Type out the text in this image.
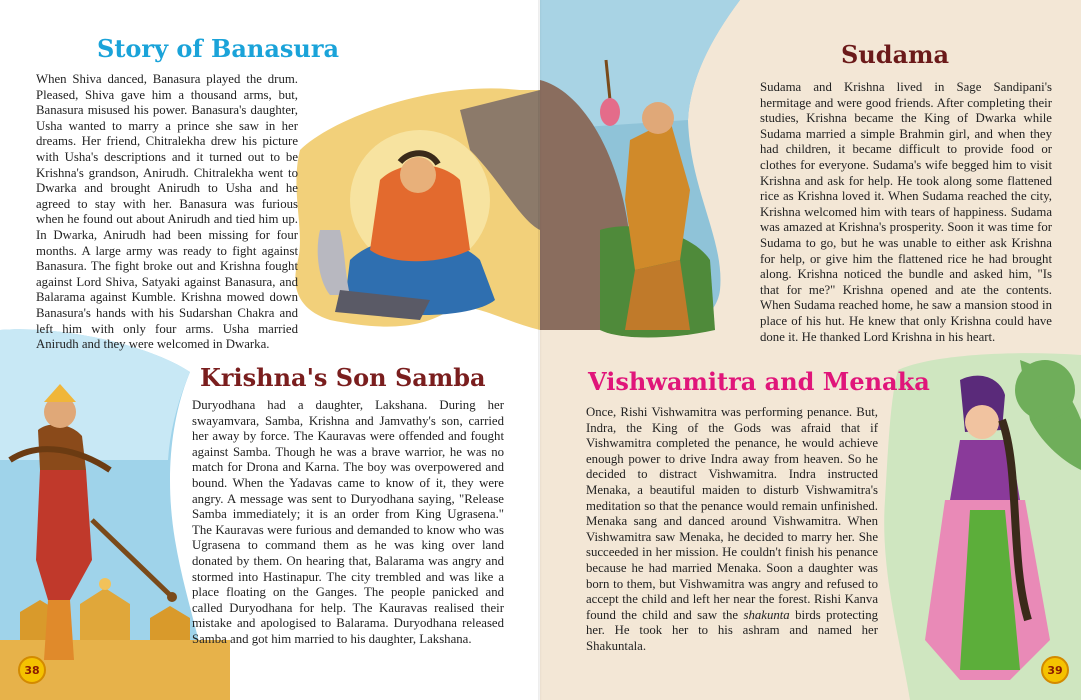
Story of Banasura
When Shiva danced, Banasura played the drum. Pleased, Shiva gave him a thousand arms, but, Banasura misused his power. Banasura's daughter, Usha wanted to marry a prince she saw in her dreams. Her friend, Chitralekha drew his picture with Usha's descriptions and it turned out to be Krishna's grandson, Anirudh. Chitralekha went to Dwarka and brought Anirudh to Usha and he agreed to stay with her. Banasura was furious when he found out about Anirudh and tied him up. In Dwarka, Anirudh had been missing for four months. A large army was ready to fight against Banasura. The fight broke out and Krishna fought against Lord Shiva, Satyaki against Banasura, and Balarama against Kumble. Krishna mowed down Banasura's hands with his Sudarshan Chakra and left him with only four arms. Usha married Anirudh and they were welcomed in Dwarka.
Krishna's Son Samba
Duryodhana had a daughter, Lakshana. During her swayamvara, Samba, Krishna and Jamvathy's son, carried her away by force. The Kauravas were offended and fought against Samba. Though he was a brave warrior, he was no match for Drona and Karna. The boy was overpowered and bound. When the Yadavas came to know of it, they were angry. A message was sent to Duryodhana saying, "Release Samba immediately; it is an order from King Ugrasena." The Kauravas were furious and demanded to know who was Ugrasena to command them as he was king over land donated by them. On hearing that, Balarama was angry and stormed into Hastinapur. The city trembled and was like a place floating on the Ganges. The people panicked and called Duryodhana for help. The Kauravas realised their mistake and apologised to Balarama. Duryodhana released Samba and got him married to his daughter, Lakshana.
38
Sudama
Sudama and Krishna lived in Sage Sandipani's hermitage and were good friends. After completing their studies, Krishna became the King of Dwarka while Sudama married a simple Brahmin girl, and when they had children, it became difficult to provide food or clothes for everyone. Sudama's wife begged him to visit Krishna and ask for help. He took along some flattened rice as Krishna loved it. When Sudama reached the city, Krishna welcomed him with tears of happiness. Sudama was amazed at Krishna's prosperity. Soon it was time for Sudama to go, but he was unable to either ask Krishna for help, or give him the flattened rice he had brought along. Krishna noticed the bundle and asked him, "Is that for me?" Krishna opened and ate the contents. When Sudama reached home, he saw a mansion stood in place of his hut. He knew that only Krishna could have done it. He thanked Lord Krishna in his heart.
Vishwamitra and Menaka
Once, Rishi Vishwamitra was performing penance. But, Indra, the King of the Gods was afraid that if Vishwamitra completed the penance, he would achieve enough power to drive Indra away from heaven. So he decided to distract Vishwamitra. Indra instructed Menaka, a beautiful maiden to disturb Vishwamitra's meditation so that the penance would remain unfinished. Menaka sang and danced around Vishwamitra. When Vishwamitra saw Menaka, he decided to marry her. She succeeded in her mission. He couldn't finish his penance because he had married Menaka. Soon a daughter was born to them, but Vishwamitra was angry and refused to accept the child and left her near the forest. Rishi Kanva found the child and saw the shakunta birds protecting her. He took her to his ashram and named her Shakuntala.
39
